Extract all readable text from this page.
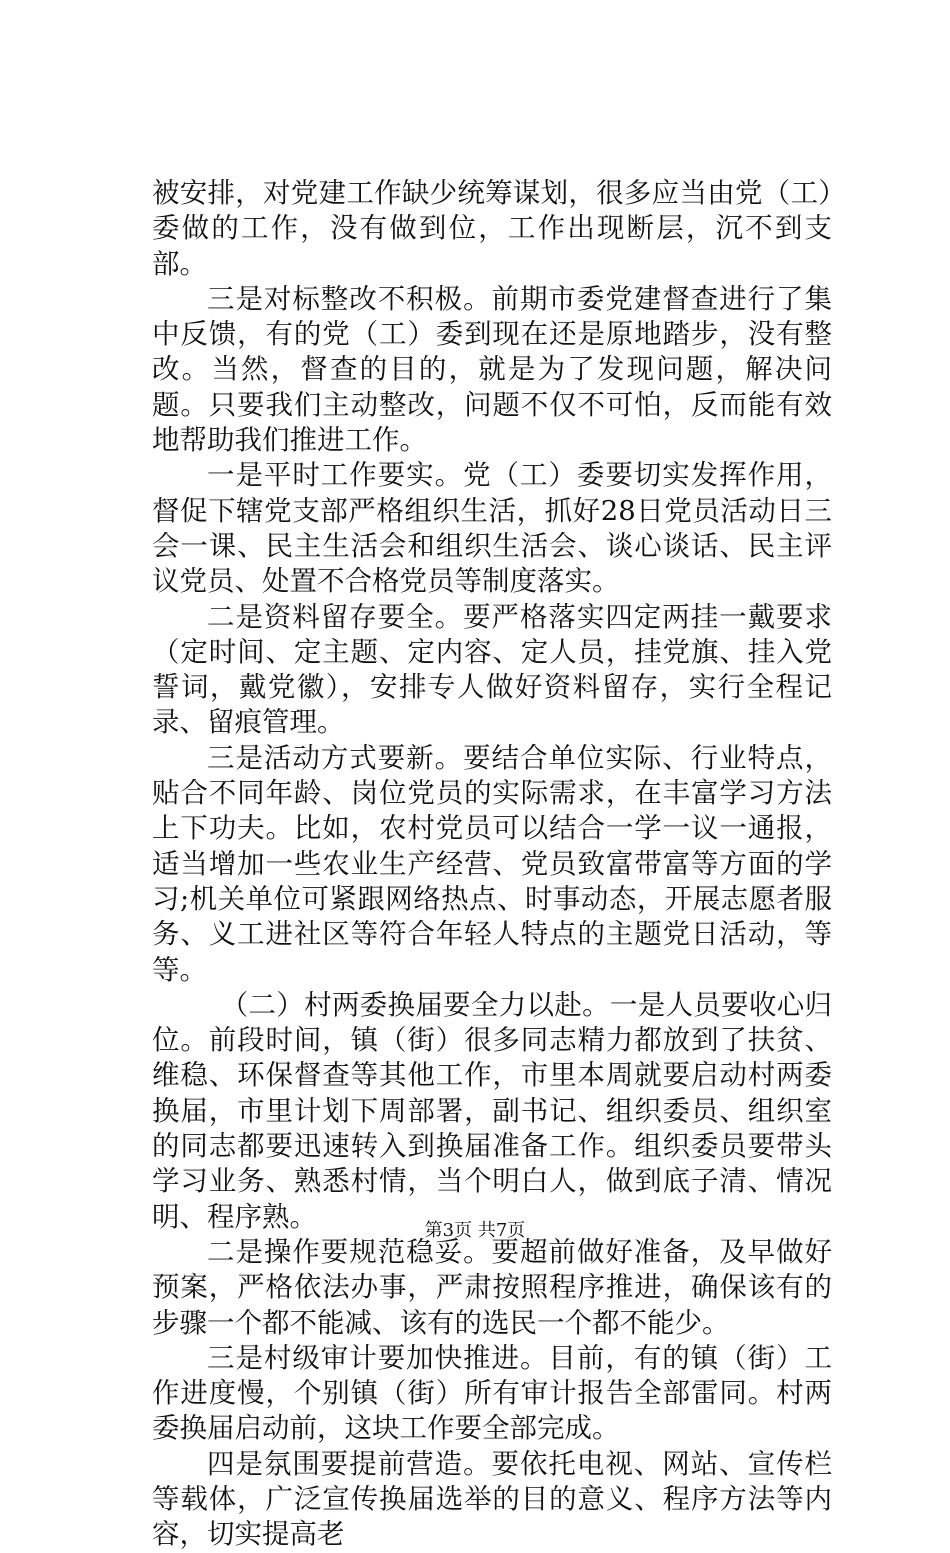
被安排，对党建工作缺少统筹谋划，很多应当由党（工）委做的工作，没有做到位，工作出现断层，沉不到支部。

三是对标整改不积极。前期市委党建督查进行了集中反馈，有的党（工）委到现在还是原地踏步，没有整改。当然，督查的目的，就是为了发现问题，解决问题。只要我们主动整改，问题不仅不可怕，反而能有效地帮助我们推进工作。

一是平时工作要实。党（工）委要切实发挥作用，督促下辖党支部严格组织生活，抓好28日党员活动日三会一课、民主生活会和组织生活会、谈心谈话、民主评议党员、处置不合格党员等制度落实。

二是资料留存要全。要严格落实四定两挂一戴要求（定时间、定主题、定内容、定人员，挂党旗、挂入党誓词，戴党徽），安排专人做好资料留存，实行全程记录、留痕管理。

三是活动方式要新。要结合单位实际、行业特点，贴合不同年龄、岗位党员的实际需求，在丰富学习方法上下功夫。比如，农村党员可以结合一学一议一通报，适当增加一些农业生产经营、党员致富带富等方面的学习;机关单位可紧跟网络热点、时事动态，开展志愿者服务、义工进社区等符合年轻人特点的主题党日活动，等等。

（二）村两委换届要全力以赴。一是人员要收心归位。前段时间，镇（街）很多同志精力都放到了扶贫、维稳、环保督查等其他工作，市里本周就要启动村两委换届，市里计划下周部署，副书记、组织委员、组织室的同志都要迅速转入到换届准备工作。组织委员要带头学习业务、熟悉村情，当个明白人，做到底子清、情况明、程序熟。

二是操作要规范稳妥。要超前做好准备，及早做好预案，严格依法办事，严肃按照程序推进，确保该有的步骤一个都不能减、该有的选民一个都不能少。

三是村级审计要加快推进。目前，有的镇（街）工作进度慢，个别镇（街）所有审计报告全部雷同。村两委换届启动前，这块工作要全部完成。

四是氛围要提前营造。要依托电视、网站、宣传栏等载体，广泛宣传换届选举的目的意义、程序方法等内容，切实提高老

第3页 共7页
